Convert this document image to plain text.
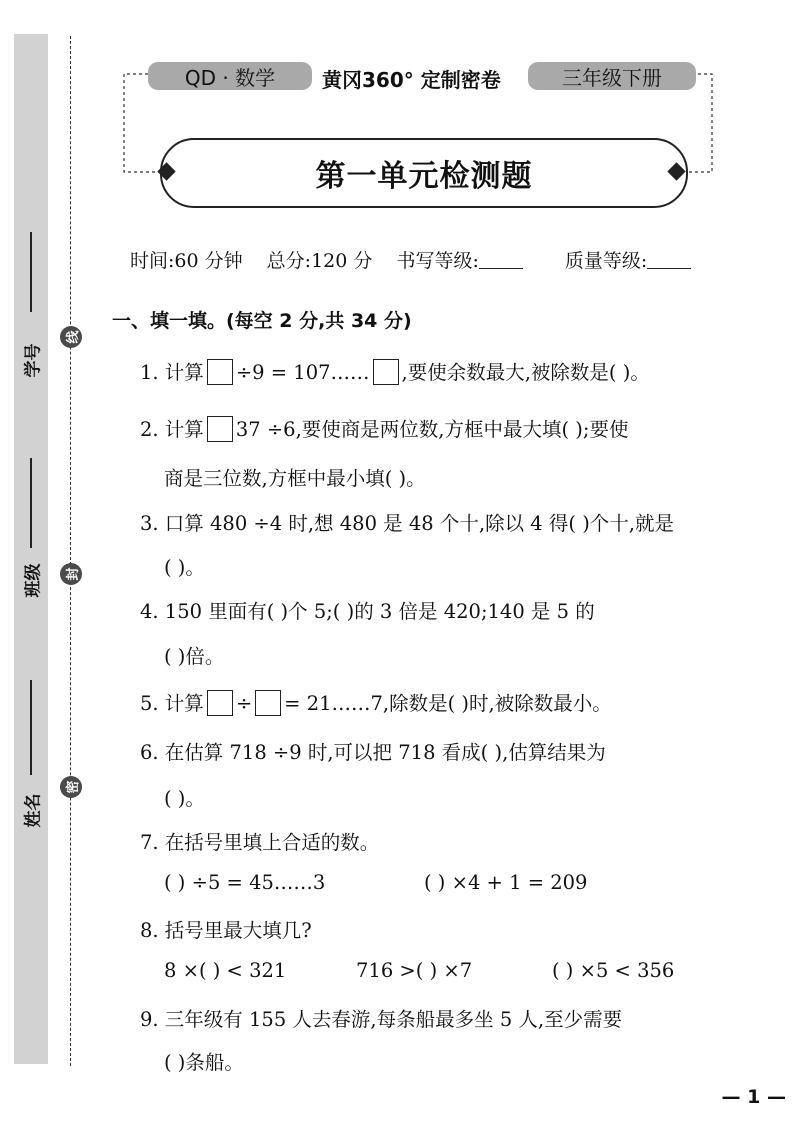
学号
班级
姓名
线
封
密
QD · 数学	黄冈360° 定制密卷	三年级下册
第一单元检测题
时间:60 分钟 总分:120 分 书写等级:	质量等级:
一、填一填。(每空 2 分,共 34 分)
1. 计算 ÷9 = 107…… ,要使余数最大,被除数是( )。
2. 计算 37 ÷6,要使商是两位数,方框中最大填( );要使
商是三位数,方框中最小填( )。
3. 口算 480 ÷4 时,想 480 是 48 个十,除以 4 得( )个十,就是
( )。
4. 150 里面有( )个 5;( )的 3 倍是 420;140 是 5 的
( )倍。
5. 计算 ÷ = 21……7,除数是( )时,被除数最小。
6. 在估算 718 ÷9 时,可以把 718 看成( ),估算结果为
( )。
7. 在括号里填上合适的数。
( ) ÷5 = 45……3	( ) ×4 + 1 = 209
8. 括号里最大填几?
8 ×( ) < 321	716 >( ) ×7	( ) ×5 < 356
9. 三年级有 155 人去春游,每条船最多坐 5 人,至少需要
( )条船。
— 1 —
